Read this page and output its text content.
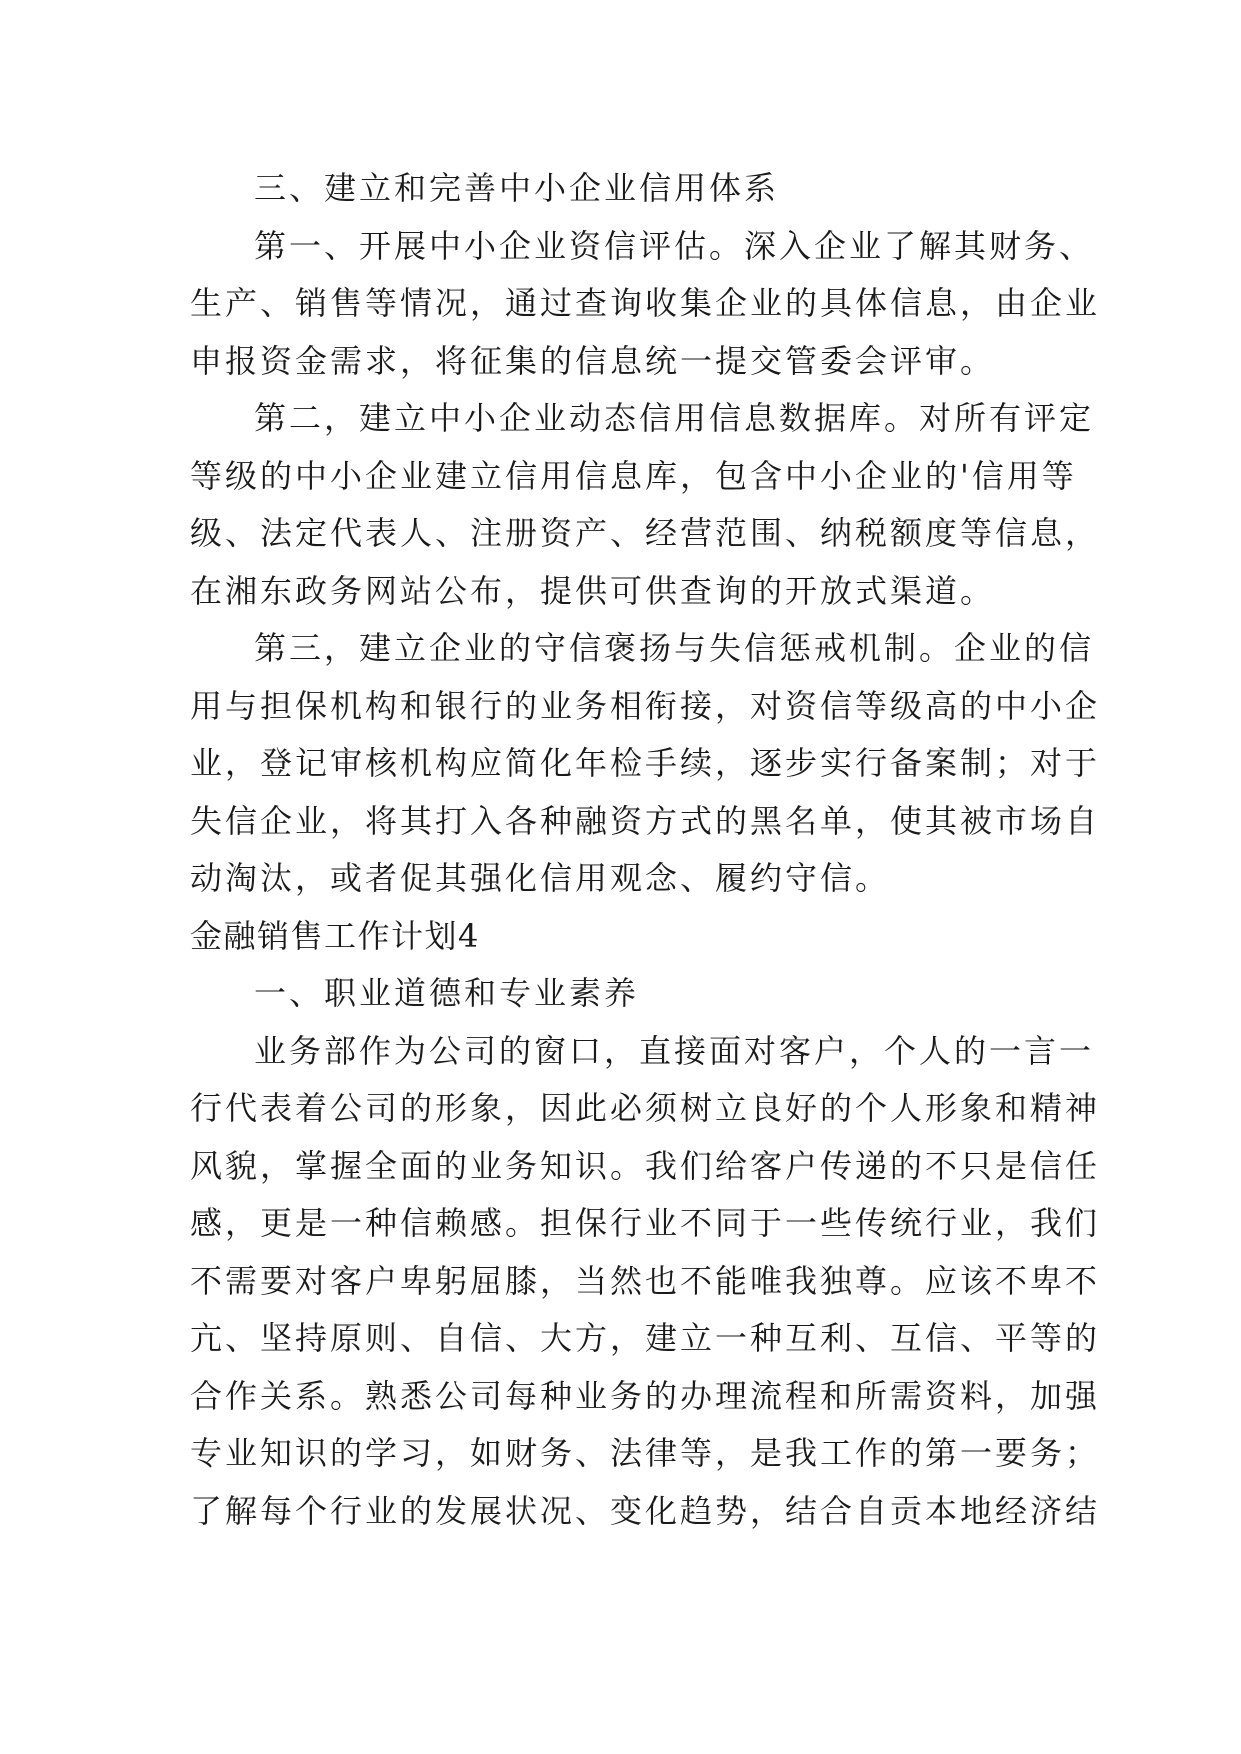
三、建立和完善中小企业信用体系
第一、开展中小企业资信评估。深入企业了解其财务、
生产、销售等情况，通过查询收集企业的具体信息，由企业
申报资金需求，将征集的信息统一提交管委会评审。
第二，建立中小企业动态信用信息数据库。对所有评定
等级的中小企业建立信用信息库，包含中小企业的'信用等
级、法定代表人、注册资产、经营范围、纳税额度等信息，
在湘东政务网站公布，提供可供查询的开放式渠道。
第三，建立企业的守信褒扬与失信惩戒机制。企业的信
用与担保机构和银行的业务相衔接，对资信等级高的中小企
业，登记审核机构应简化年检手续，逐步实行备案制；对于
失信企业，将其打入各种融资方式的黑名单，使其被市场自
动淘汰，或者促其强化信用观念、履约守信。
金融销售工作计划4
一、职业道德和专业素养
业务部作为公司的窗口，直接面对客户，个人的一言一
行代表着公司的形象，因此必须树立良好的个人形象和精神
风貌，掌握全面的业务知识。我们给客户传递的不只是信任
感，更是一种信赖感。担保行业不同于一些传统行业，我们
不需要对客户卑躬屈膝，当然也不能唯我独尊。应该不卑不
亢、坚持原则、自信、大方，建立一种互利、互信、平等的
合作关系。熟悉公司每种业务的办理流程和所需资料，加强
专业知识的学习，如财务、法律等，是我工作的第一要务；
了解每个行业的发展状况、变化趋势，结合自贡本地经济结
